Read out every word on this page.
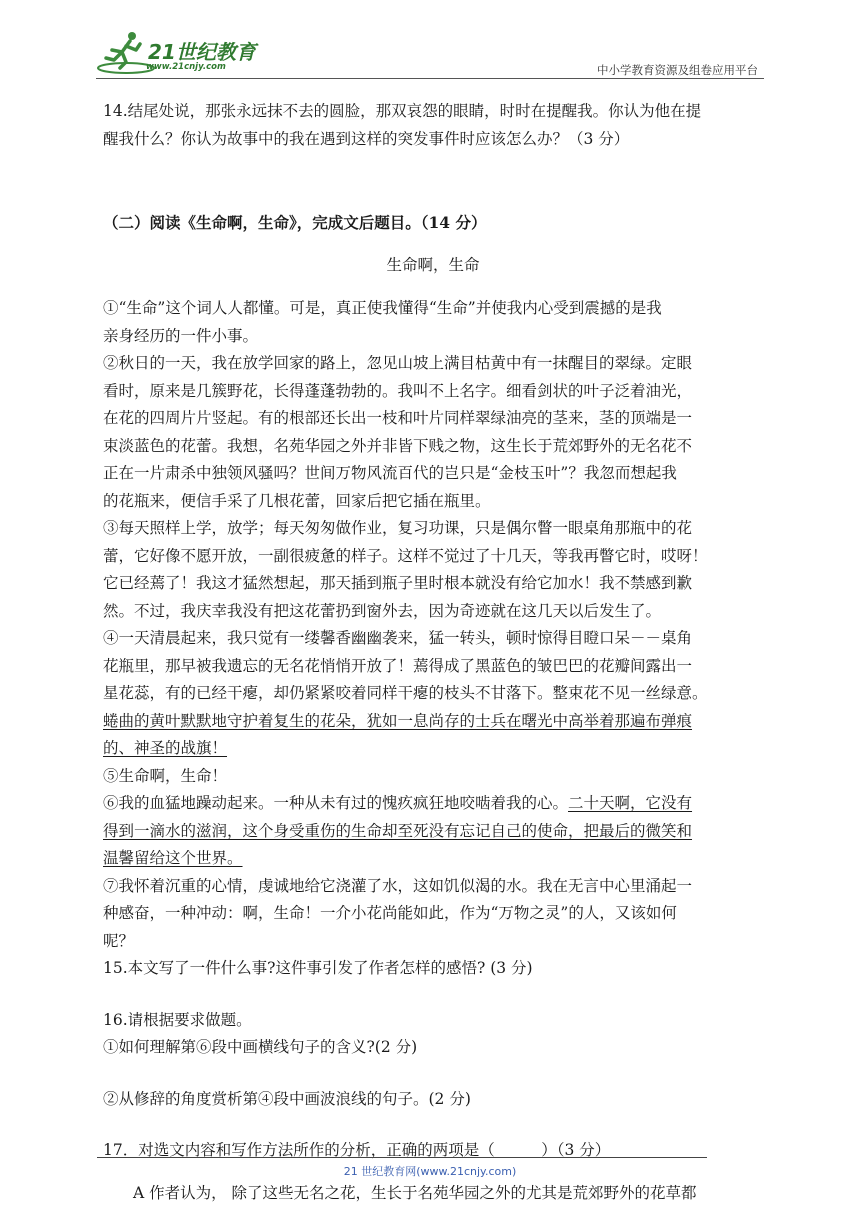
21世纪教育
www.21cnjy.com	中小学教育资源及组卷应用平台

14.结尾处说，那张永远抹不去的圆脸，那双哀怨的眼睛，时时在提醒我。你认为他在提

醒我什么？你认为故事中的我在遇到这样的突发事件时应该怎么办？（3 分）

（二）阅读《生命啊，生命》，完成文后题目。（14 分）

生命啊，生命

①“生命”这个词人人都懂。可是，真正使我懂得“生命”并使我内心受到震撼的是我

亲身经历的一件小事。

②秋日的一天，我在放学回家的路上，忽见山坡上满目枯黄中有一抹醒目的翠绿。定眼

看时，原来是几簇野花，长得蓬蓬勃勃的。我叫不上名字。细看剑状的叶子泛着油光，

在花的四周片片竖起。有的根部还长出一枝和叶片同样翠绿油亮的茎来，茎的顶端是一

束淡蓝色的花蕾。我想，名苑华园之外并非皆下贱之物，这生长于荒郊野外的无名花不

正在一片肃杀中独领风骚吗？世间万物风流百代的岂只是“金枝玉叶”？我忽而想起我

的花瓶来，便信手采了几根花蕾，回家后把它插在瓶里。

③每天照样上学，放学；每天匆匆做作业，复习功课，只是偶尔瞥一眼桌角那瓶中的花

蕾，它好像不愿开放，一副很疲惫的样子。这样不觉过了十几天，等我再瞥它时，哎呀！

它已经蔫了！我这才猛然想起，那天插到瓶子里时根本就没有给它加水！我不禁感到歉

然。不过，我庆幸我没有把这花蕾扔到窗外去，因为奇迹就在这几天以后发生了。

④一天清晨起来，我只觉有一缕馨香幽幽袭来，猛一转头，顿时惊得目瞪口呆－－桌角

花瓶里，那早被我遗忘的无名花悄悄开放了！蔫得成了黑蓝色的皱巴巴的花瓣间露出一

星花蕊，有的已经干瘪，却仍紧紧咬着同样干瘪的枝头不甘落下。整束花不见一丝绿意。

蜷曲的黄叶默默地守护着复生的花朵，犹如一息尚存的士兵在曙光中高举着那遍布弹痕

的、神圣的战旗！

⑤生命啊，生命！

⑥我的血猛地躁动起来。一种从未有过的愧疚疯狂地咬啮着我的心。二十天啊，它没有

得到一滴水的滋润，这个身受重伤的生命却至死没有忘记自己的使命，把最后的微笑和

温馨留给这个世界。

⑦我怀着沉重的心情，虔诚地给它浇灌了水，这如饥似渴的水。我在无言中心里涌起一

种感奋，一种冲动：啊，生命！一介小花尚能如此，作为“万物之灵”的人，又该如何

呢？

15.本文写了一件什么事?这件事引发了作者怎样的感悟? (3 分)

16.请根据要求做题。

①如何理解第⑥段中画横线句子的含义?(2 分)

②从修辞的角度赏析第④段中画波浪线的句子。(2 分)

17．对选文内容和写作方法所作的分析，正确的两项是（　　　）（3 分）

A 作者认为， 除了这些无名之花，生长于名苑华园之外的尤其是荒郊野外的花草都

21 世纪教育网(www.21cnjy.com)
